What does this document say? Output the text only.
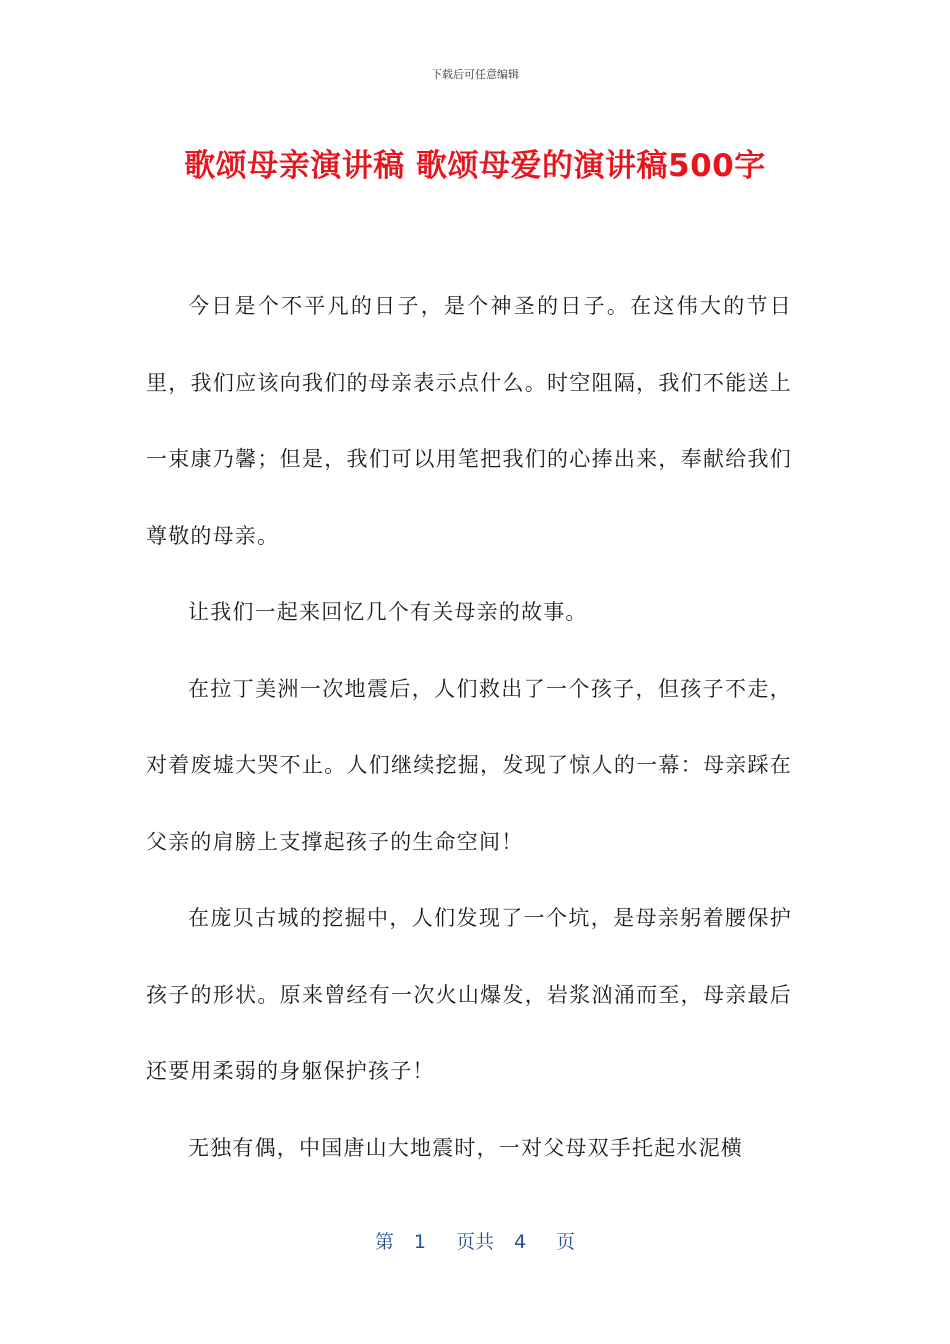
下载后可任意编辑
歌颂母亲演讲稿 歌颂母爱的演讲稿500字

今日是个不平凡的日子，是个神圣的日子。在这伟大的节日里，我们应该向我们的母亲表示点什么。时空阻隔，我们不能送上一束康乃馨；但是，我们可以用笔把我们的心捧出来，奉献给我们尊敬的母亲。

让我们一起来回忆几个有关母亲的故事。

在拉丁美洲一次地震后，人们救出了一个孩子，但孩子不走，对着废墟大哭不止。人们继续挖掘，发现了惊人的一幕：母亲踩在父亲的肩膀上支撑起孩子的生命空间！

在庞贝古城的挖掘中，人们发现了一个坑，是母亲躬着腰保护孩子的形状。原来曾经有一次火山爆发，岩浆汹涌而至，母亲最后还要用柔弱的身躯保护孩子！

无独有偶，中国唐山大地震时，一对父母双手托起水泥横

第 1 页共 4 页
